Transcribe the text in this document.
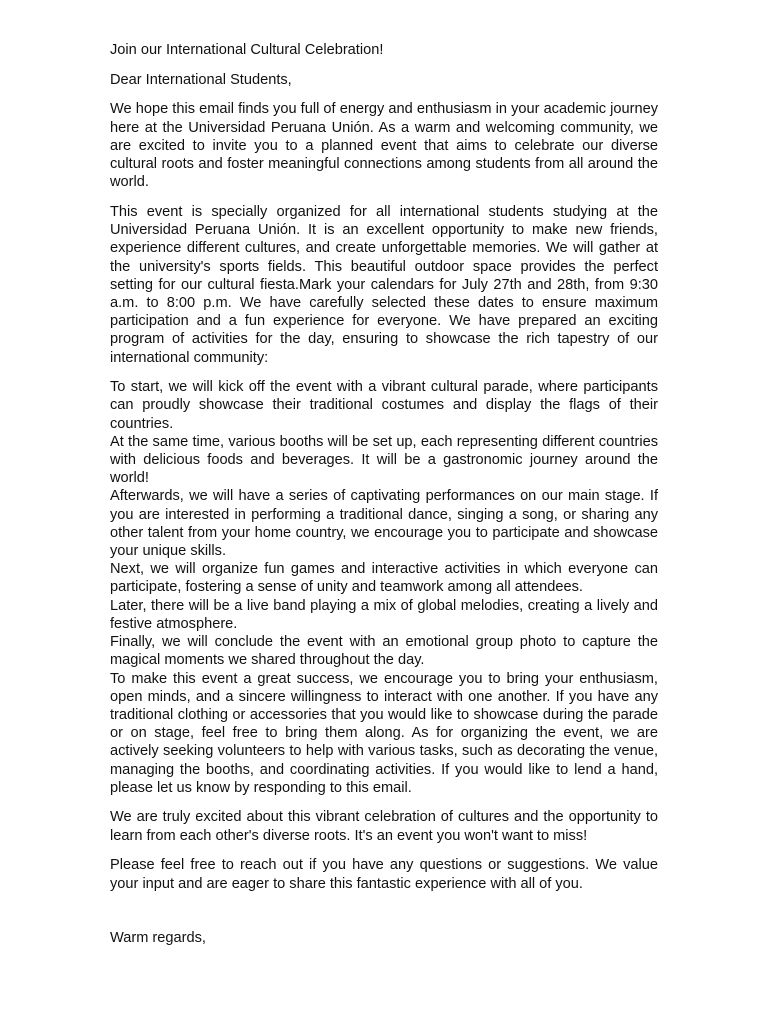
Join our International Cultural Celebration!

Dear International Students,

We hope this email finds you full of energy and enthusiasm in your academic journey here at the Universidad Peruana Unión. As a warm and welcoming community, we are excited to invite you to a planned event that aims to celebrate our diverse cultural roots and foster meaningful connections among students from all around the world.

This event is specially organized for all international students studying at the Universidad Peruana Unión. It is an excellent opportunity to make new friends, experience different cultures, and create unforgettable memories. We will gather at the university's sports fields. This beautiful outdoor space provides the perfect setting for our cultural fiesta.Mark your calendars for July 27th and 28th, from 9:30 a.m. to 8:00 p.m. We have carefully selected these dates to ensure maximum participation and a fun experience for everyone. We have prepared an exciting program of activities for the day, ensuring to showcase the rich tapestry of our international community:

To start, we will kick off the event with a vibrant cultural parade, where participants can proudly showcase their traditional costumes and display the flags of their countries.

At the same time, various booths will be set up, each representing different countries with delicious foods and beverages. It will be a gastronomic journey around the world!

Afterwards, we will have a series of captivating performances on our main stage. If you are interested in performing a traditional dance, singing a song, or sharing any other talent from your home country, we encourage you to participate and showcase your unique skills.

Next, we will organize fun games and interactive activities in which everyone can participate, fostering a sense of unity and teamwork among all attendees.

Later, there will be a live band playing a mix of global melodies, creating a lively and festive atmosphere.

Finally, we will conclude the event with an emotional group photo to capture the magical moments we shared throughout the day.

To make this event a great success, we encourage you to bring your enthusiasm, open minds, and a sincere willingness to interact with one another. If you have any traditional clothing or accessories that you would like to showcase during the parade or on stage, feel free to bring them along. As for organizing the event, we are actively seeking volunteers to help with various tasks, such as decorating the venue, managing the booths, and coordinating activities. If you would like to lend a hand, please let us know by responding to this email.

We are truly excited about this vibrant celebration of cultures and the opportunity to learn from each other's diverse roots. It's an event you won't want to miss!

Please feel free to reach out if you have any questions or suggestions. We value your input and are eager to share this fantastic experience with all of you.

Warm regards,
